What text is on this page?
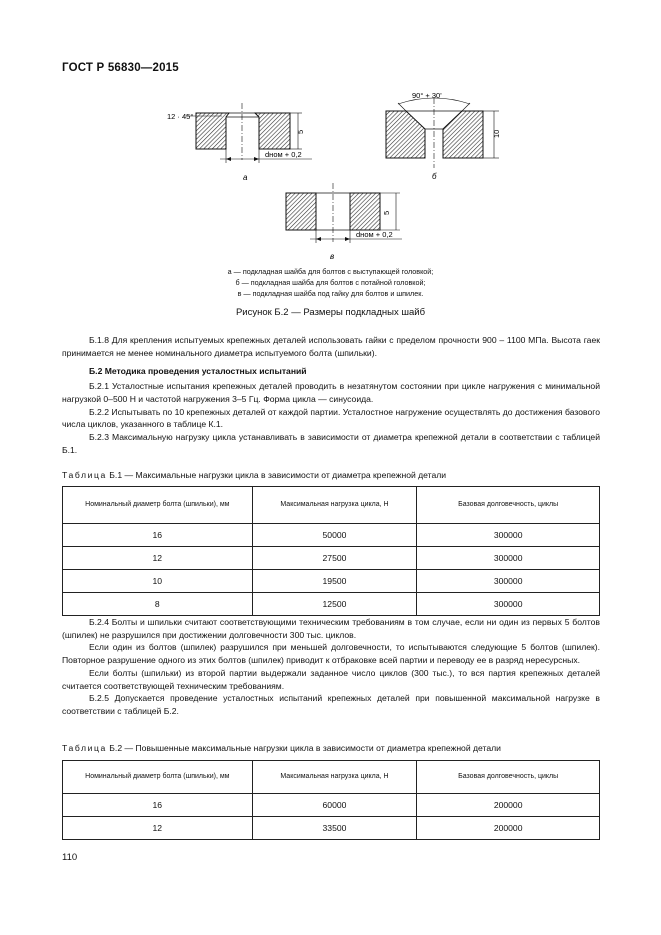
ГОСТ Р 56830—2015
12 · 45°
5
dном + 0,2
а
90° + 30'
10
б
5
dном + 0,2
в
а — подкладная шайба для болтов с выступающей головкой;
б — подкладная шайба для болтов с потайной головкой;
в — подкладная шайба под гайку для болтов и шпилек.
Рисунок Б.2 — Размеры подкладных шайб

Б.1.8 Для крепления испытуемых крепежных деталей использовать гайки с пределом прочности 900 – 1100 МПа. Высота гаек принимается не менее номинального диаметра испытуемого болта (шпильки).

Б.2 Методика проведения усталостных испытаний

Б.2.1 Усталостные испытания крепежных деталей проводить в незатянутом состоянии при цикле нагружения с минимальной нагрузкой 0–500 Н и частотой нагружения 3–5 Гц. Форма цикла — синусоида.

Б.2.2 Испытывать по 10 крепежных деталей от каждой партии. Усталостное нагружение осуществлять до достижения базового числа циклов, указанного в таблице К.1.

Б.2.3 Максимальную нагрузку цикла устанавливать в зависимости от диаметра крепежной детали в соответствии с таблицей Б.1.

Таблица Б.1 — Максимальные нагрузки цикла в зависимости от диаметра крепежной детали
Номинальный диаметр болта (шпильки), мм	Максимальная нагрузка цикла, Н	Базовая долговечность, циклы
16	50000	300000
12	27500	300000
10	19500	300000
8	12500	300000

Б.2.4 Болты и шпильки считают соответствующими техническим требованиям в том случае, если ни один из первых 5 болтов (шпилек) не разрушился при достижении долговечности 300 тыс. циклов.

Если один из болтов (шпилек) разрушился при меньшей долговечности, то испытываются следующие 5 болтов (шпилек). Повторное разрушение одного из этих болтов (шпилек) приводит к отбраковке всей партии и переводу ее в разряд нересурсных.

Если болты (шпильки) из второй партии выдержали заданное число циклов (300 тыс.), то вся партия крепежных деталей считается соответствующей техническим требованиям.

Б.2.5 Допускается проведение усталостных испытаний крепежных деталей при повышенной максимальной нагрузке в соответствии с таблицей Б.2.

Таблица Б.2 — Повышенные максимальные нагрузки цикла в зависимости от диаметра крепежной детали
Номинальный диаметр болта (шпильки), мм	Максимальная нагрузка цикла, Н	Базовая долговечность, циклы
16	60000	200000
12	33500	200000
110
